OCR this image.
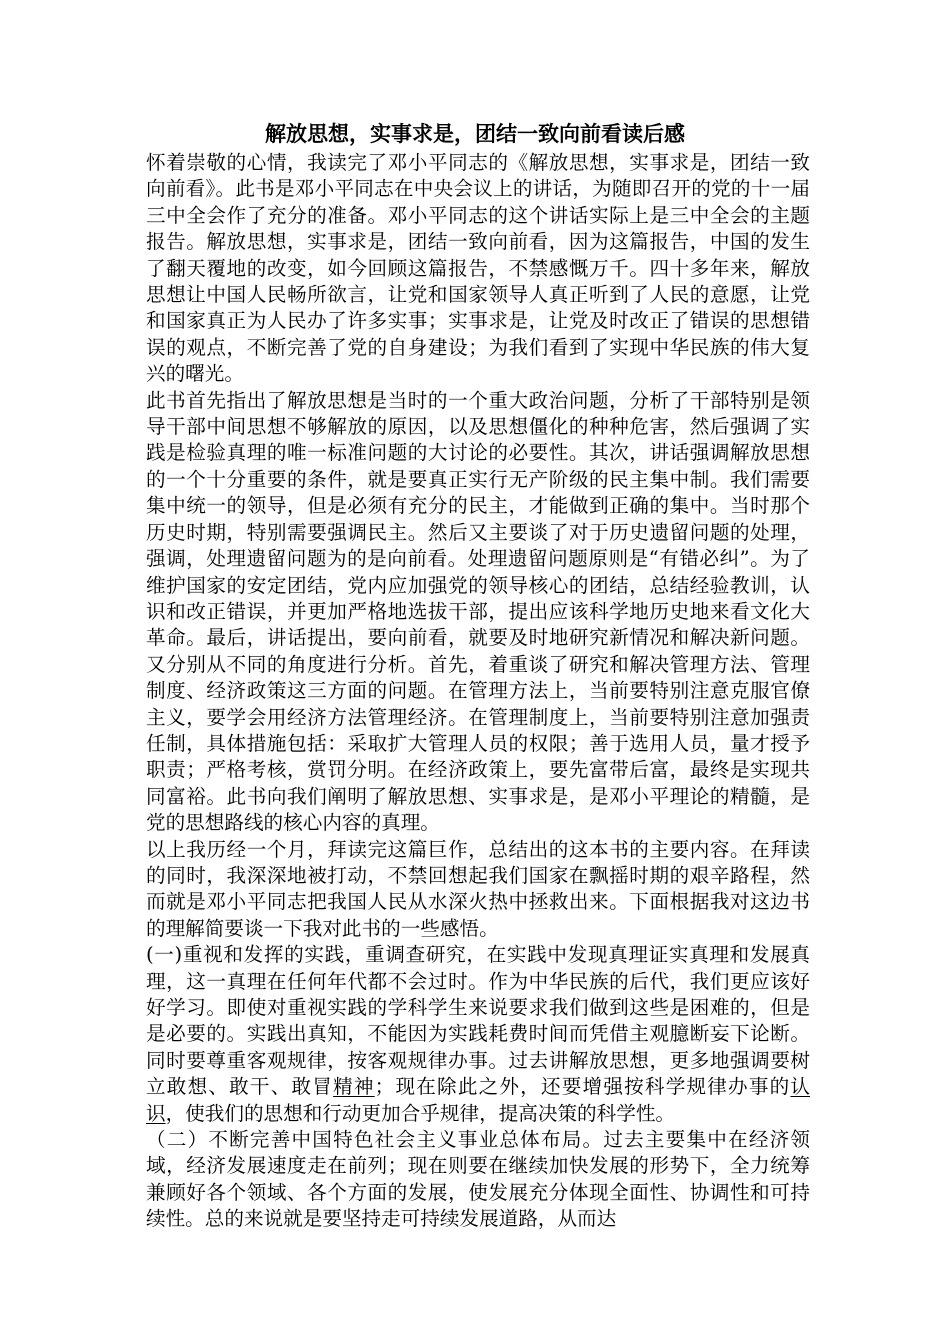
解放思想，实事求是，团结一致向前看读后感

怀着崇敬的心情，我读完了邓小平同志的《解放思想，实事求是，团结一致向前看》。此书是邓小平同志在中央会议上的讲话，为随即召开的党的十一届三中全会作了充分的准备。邓小平同志的这个讲话实际上是三中全会的主题报告。解放思想，实事求是，团结一致向前看，因为这篇报告，中国的发生了翻天覆地的改变，如今回顾这篇报告，不禁感慨万千。四十多年来，解放思想让中国人民畅所欲言，让党和国家领导人真正听到了人民的意愿，让党和国家真正为人民办了许多实事；实事求是，让党及时改正了错误的思想错误的观点，不断完善了党的自身建设；为我们看到了实现中华民族的伟大复兴的曙光。

此书首先指出了解放思想是当时的一个重大政治问题，分析了干部特别是领导干部中间思想不够解放的原因，以及思想僵化的种种危害，然后强调了实践是检验真理的唯一标准问题的大讨论的必要性。其次，讲话强调解放思想的一个十分重要的条件，就是要真正实行无产阶级的民主集中制。我们需要集中统一的领导，但是必须有充分的民主，才能做到正确的集中。当时那个历史时期，特别需要强调民主。然后又主要谈了对于历史遗留问题的处理，强调，处理遗留问题为的是向前看。处理遗留问题原则是“有错必纠”。为了维护国家的安定团结，党内应加强党的领导核心的团结，总结经验教训，认识和改正错误，并更加严格地选拔干部，提出应该科学地历史地来看文化大革命。最后，讲话提出，要向前看，就要及时地研究新情况和解决新问题。又分别从不同的角度进行分析。首先，着重谈了研究和解决管理方法、管理制度、经济政策这三方面的问题。在管理方法上，当前要特别注意克服官僚主义，要学会用经济方法管理经济。在管理制度上，当前要特别注意加强责任制，具体措施包括：采取扩大管理人员的权限；善于选用人员，量才授予职责；严格考核，赏罚分明。在经济政策上，要先富带后富，最终是实现共同富裕。此书向我们阐明了解放思想、实事求是，是邓小平理论的精髓，是党的思想路线的核心内容的真理。

以上我历经一个月，拜读完这篇巨作，总结出的这本书的主要内容。在拜读的同时，我深深地被打动，不禁回想起我们国家在飘摇时期的艰辛路程，然而就是邓小平同志把我国人民从水深火热中拯救出来。下面根据我对这边书的理解简要谈一下我对此书的一些感悟。

(一)重视和发挥的实践，重调查研究，在实践中发现真理证实真理和发展真理，这一真理在任何年代都不会过时。作为中华民族的后代，我们更应该好好学习。即使对重视实践的学科学生来说要求我们做到这些是困难的，但是是必要的。实践出真知，不能因为实践耗费时间而凭借主观臆断妄下论断。同时要尊重客观规律，按客观规律办事。过去讲解放思想，更多地强调要树立敢想、敢干、敢冒精神；现在除此之外，还要增强按科学规律办事的认识，使我们的思想和行动更加合乎规律，提高决策的科学性。

（二）不断完善中国特色社会主义事业总体布局。过去主要集中在经济领域，经济发展速度走在前列；现在则要在继续加快发展的形势下，全力统筹兼顾好各个领域、各个方面的发展，使发展充分体现全面性、协调性和可持续性。总的来说就是要坚持走可持续发展道路，从而达
